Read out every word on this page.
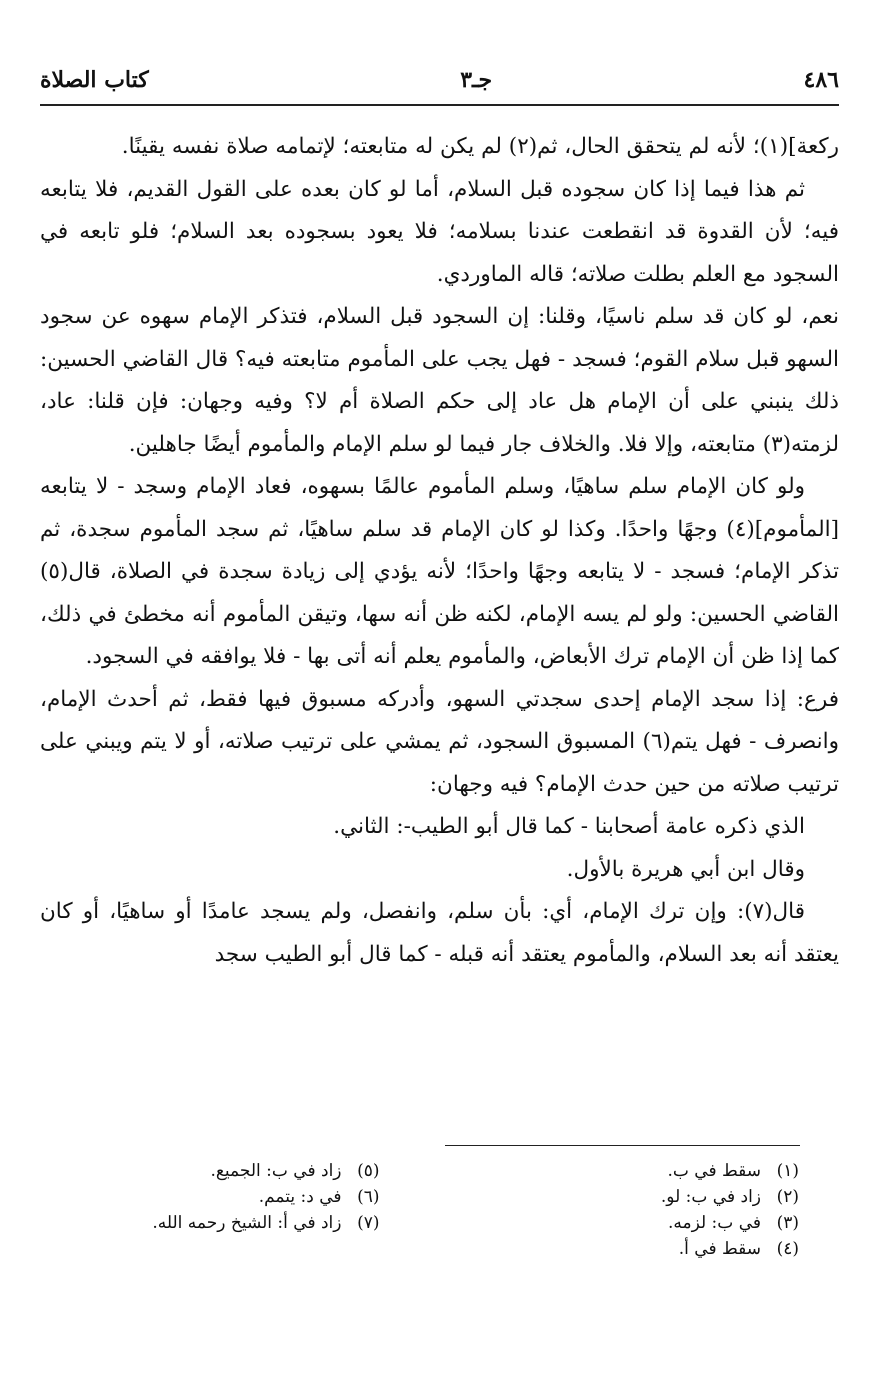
٤٨٦
جـ٣
كتاب الصلاة

ركعة](١)؛ لأنه لم يتحقق الحال، ثم(٢) لم يكن له متابعته؛ لإتمامه صلاة نفسه يقينًا.

ثم هذا فيما إذا كان سجوده قبل السلام، أما لو كان بعده على القول القديم، فلا يتابعه فيه؛ لأن القدوة قد انقطعت عندنا بسلامه؛ فلا يعود بسجوده بعد السلام؛ فلو تابعه في السجود مع العلم بطلت صلاته؛ قاله الماوردي.

نعم، لو كان قد سلم ناسيًا، وقلنا: إن السجود قبل السلام، فتذكر الإمام سهوه عن سجود السهو قبل سلام القوم؛ فسجد - فهل يجب على المأموم متابعته فيه؟ قال القاضي الحسين: ذلك ينبني على أن الإمام هل عاد إلى حكم الصلاة أم لا؟ وفيه وجهان: فإن قلنا: عاد، لزمته(٣) متابعته، وإلا فلا. والخلاف جار فيما لو سلم الإمام والمأموم أيضًا جاهلين.

ولو كان الإمام سلم ساهيًا، وسلم المأموم عالمًا بسهوه، فعاد الإمام وسجد - لا يتابعه [المأموم](٤) وجهًا واحدًا. وكذا لو كان الإمام قد سلم ساهيًا، ثم سجد المأموم سجدة، ثم تذكر الإمام؛ فسجد - لا يتابعه وجهًا واحدًا؛ لأنه يؤدي إلى زيادة سجدة في الصلاة، قال(٥) القاضي الحسين: ولو لم يسه الإمام، لكنه ظن أنه سها، وتيقن المأموم أنه مخطئ في ذلك، كما إذا ظن أن الإمام ترك الأبعاض، والمأموم يعلم أنه أتى بها - فلا يوافقه في السجود.

فرع: إذا سجد الإمام إحدى سجدتي السهو، وأدركه مسبوق فيها فقط، ثم أحدث الإمام، وانصرف - فهل يتم(٦) المسبوق السجود، ثم يمشي على ترتيب صلاته، أو لا يتم ويبني على ترتيب صلاته من حين حدث الإمام؟ فيه وجهان:

الذي ذكره عامة أصحابنا - كما قال أبو الطيب-: الثاني.

وقال ابن أبي هريرة بالأول.

قال(٧): وإن ترك الإمام، أي: بأن سلم، وانفصل، ولم يسجد عامدًا أو ساهيًا، أو كان يعتقد أنه بعد السلام، والمأموم يعتقد أنه قبله - كما قال أبو الطيب سجد

(١)سقط في ب.
(٢)زاد في ب: لو.
(٣)في ب: لزمه.
(٤)سقط في أ.
(٥)زاد في ب: الجميع.
(٦)في د: يتمم.
(٧)زاد في أ: الشيخ رحمه الله.
